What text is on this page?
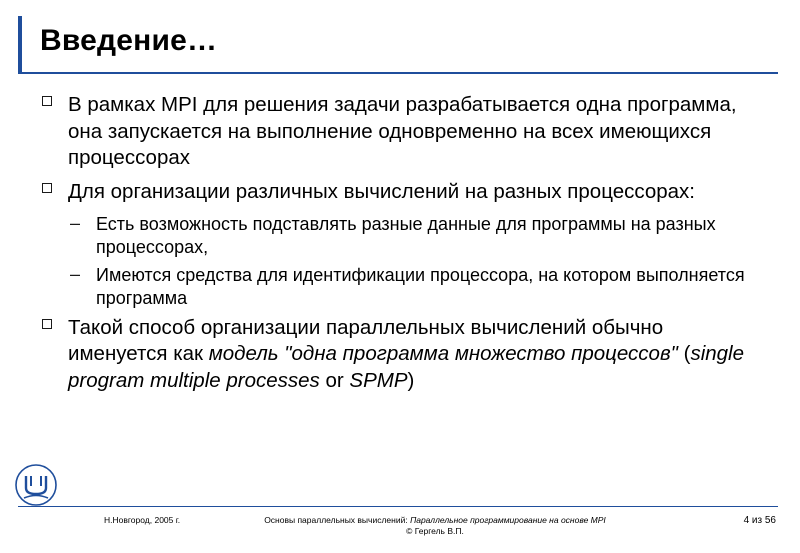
Введение…
В рамках MPI для решения задачи разрабатывается одна программа, она запускается на выполнение одновременно на всех имеющихся процессорах
Для организации различных вычислений на разных процессорах:
– Есть возможность подставлять разные данные для программы на разных процессорах,
– Имеются средства для идентификации процессора, на котором выполняется программа
Такой способ организации параллельных вычислений обычно именуется как модель "одна программа множество процессов" (single program multiple processes or SPMP)
Н.Новгород, 2005 г.	Основы параллельных вычислений: Параллельное программирование на основе MPI
© Гергель В.П.
4 из 56
